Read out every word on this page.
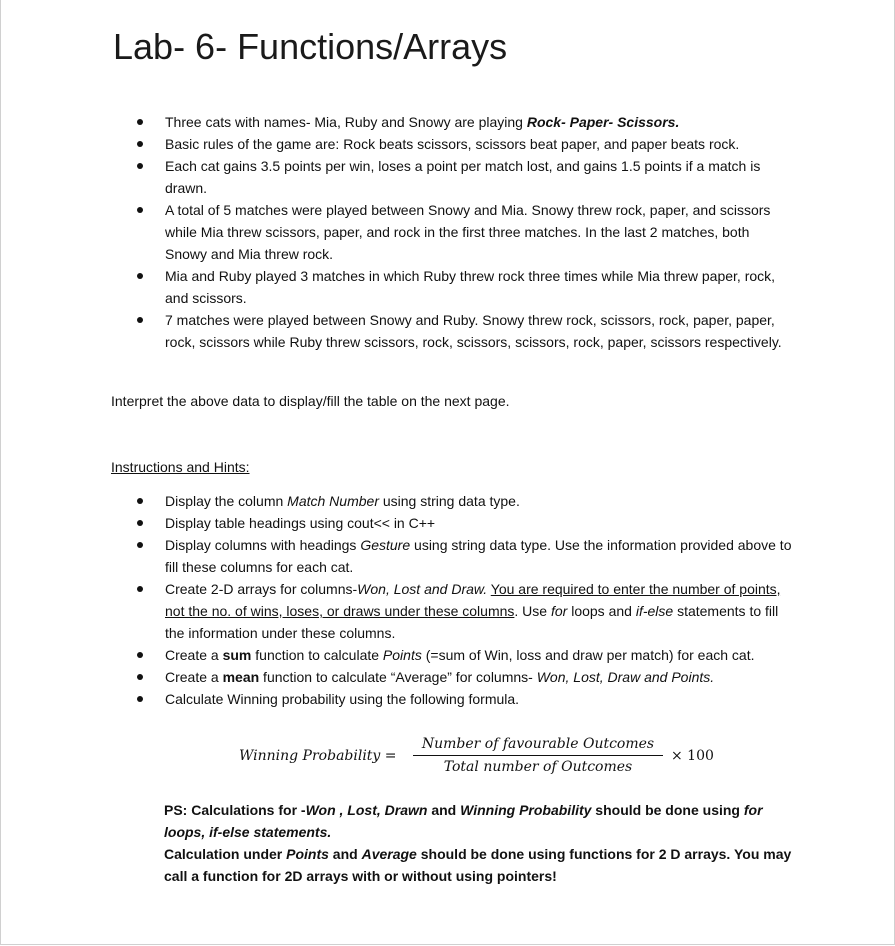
Lab- 6- Functions/Arrays
Three cats with names- Mia, Ruby and Snowy are playing Rock- Paper- Scissors.
Basic rules of the game are: Rock beats scissors, scissors beat paper, and paper beats rock.
Each cat gains 3.5 points per win, loses a point per match lost, and gains 1.5 points if a match is drawn.
A total of 5 matches were played between Snowy and Mia. Snowy threw rock, paper, and scissors while Mia threw scissors, paper, and rock in the first three matches. In the last 2 matches, both Snowy and Mia threw rock.
Mia and Ruby played 3 matches in which Ruby threw rock three times while Mia threw paper, rock, and scissors.
7 matches were played between Snowy and Ruby. Snowy threw rock, scissors, rock, paper, paper, rock, scissors while Ruby threw scissors, rock, scissors, scissors, rock, paper, scissors respectively.
Interpret the above data to display/fill the table on the next page.
Instructions and Hints:
Display the column Match Number using string data type.
Display table headings using cout<< in C++
Display columns with headings Gesture using string data type. Use the information provided above to fill these columns for each cat.
Create 2-D arrays for columns-Won, Lost and Draw. You are required to enter the number of points, not the no. of wins, loses, or draws under these columns. Use for loops and if-else statements to fill the information under these columns.
Create a sum function to calculate Points (=sum of Win, loss and draw per match) for each cat.
Create a mean function to calculate “Average” for columns- Won, Lost, Draw and Points.
Calculate Winning probability using the following formula.
Winning Probability =
Number of favourable Outcomes
Total number of Outcomes
× 100
PS: Calculations for -Won , Lost, Drawn and Winning Probability should be done using for loops, if-else statements.
Calculation under Points and Average should be done using functions for 2 D arrays. You may call a function for 2D arrays with or without using pointers!
